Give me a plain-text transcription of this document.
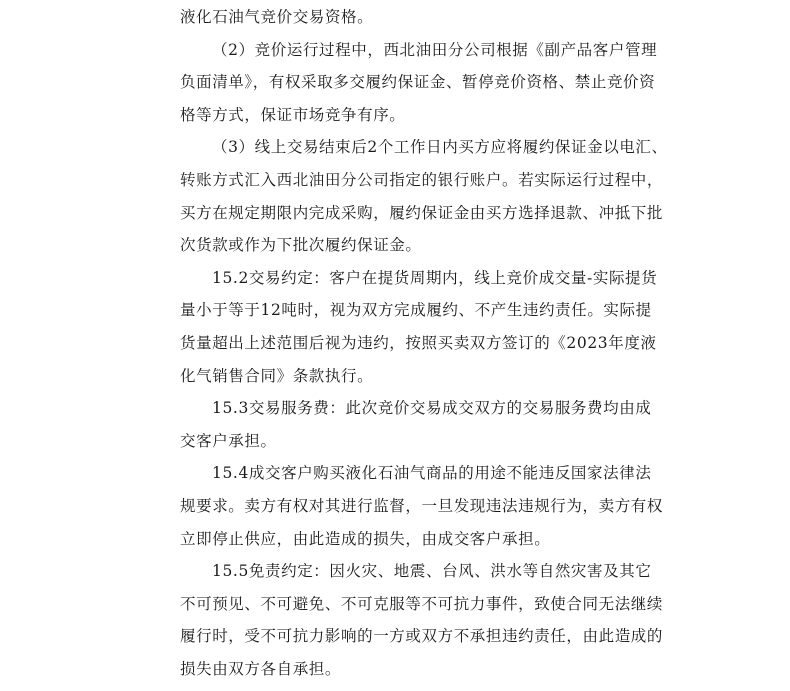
液化石油气竞价交易资格。
（2）竞价运行过程中，西北油田分公司根据《副产品客户管理
负面清单》，有权采取多交履约保证金、暂停竞价资格、禁止竞价资
格等方式，保证市场竞争有序。
（3）线上交易结束后2个工作日内买方应将履约保证金以电汇、
转账方式汇入西北油田分公司指定的银行账户。若实际运行过程中，
买方在规定期限内完成采购，履约保证金由买方选择退款、冲抵下批
次货款或作为下批次履约保证金。
15.2交易约定：客户在提货周期内，线上竞价成交量-实际提货
量小于等于12吨时，视为双方完成履约、不产生违约责任。实际提
货量超出上述范围后视为违约，按照买卖双方签订的《2023年度液
化气销售合同》条款执行。
15.3交易服务费：此次竞价交易成交双方的交易服务费均由成
交客户承担。
15.4成交客户购买液化石油气商品的用途不能违反国家法律法
规要求。卖方有权对其进行监督，一旦发现违法违规行为，卖方有权
立即停止供应，由此造成的损失，由成交客户承担。
15.5免责约定：因火灾、地震、台风、洪水等自然灾害及其它
不可预见、不可避免、不可克服等不可抗力事件，致使合同无法继续
履行时，受不可抗力影响的一方或双方不承担违约责任，由此造成的
损失由双方各自承担。
